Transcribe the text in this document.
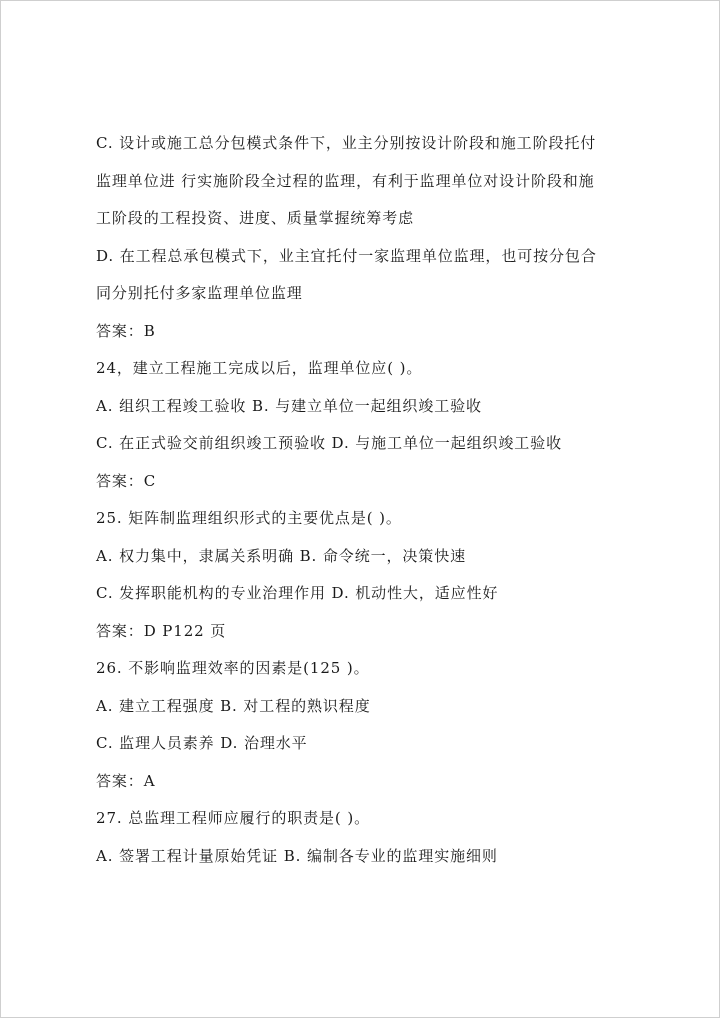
C. 设计或施工总分包模式条件下，业主分别按设计阶段和施工阶段托付
监理单位进 行实施阶段全过程的监理，有利于监理单位对设计阶段和施
工阶段的工程投资、进度、质量掌握统筹考虑
D. 在工程总承包模式下，业主宜托付一家监理单位监理，也可按分包合
同分别托付多家监理单位监理
答案：B
24，建立工程施工完成以后，监理单位应( )。
A. 组织工程竣工验收 B. 与建立单位一起组织竣工验收
C. 在正式验交前组织竣工预验收 D. 与施工单位一起组织竣工验收
答案：C
25. 矩阵制监理组织形式的主要优点是( )。
A. 权力集中，隶属关系明确 B. 命令统一，决策快速
C. 发挥职能机构的专业治理作用 D. 机动性大，适应性好
答案：D P122 页
26. 不影响监理效率的因素是(125 )。
A. 建立工程强度 B. 对工程的熟识程度
C. 监理人员素养 D. 治理水平
答案：A
27. 总监理工程师应履行的职责是( )。
A. 签署工程计量原始凭证 B. 编制各专业的监理实施细则
